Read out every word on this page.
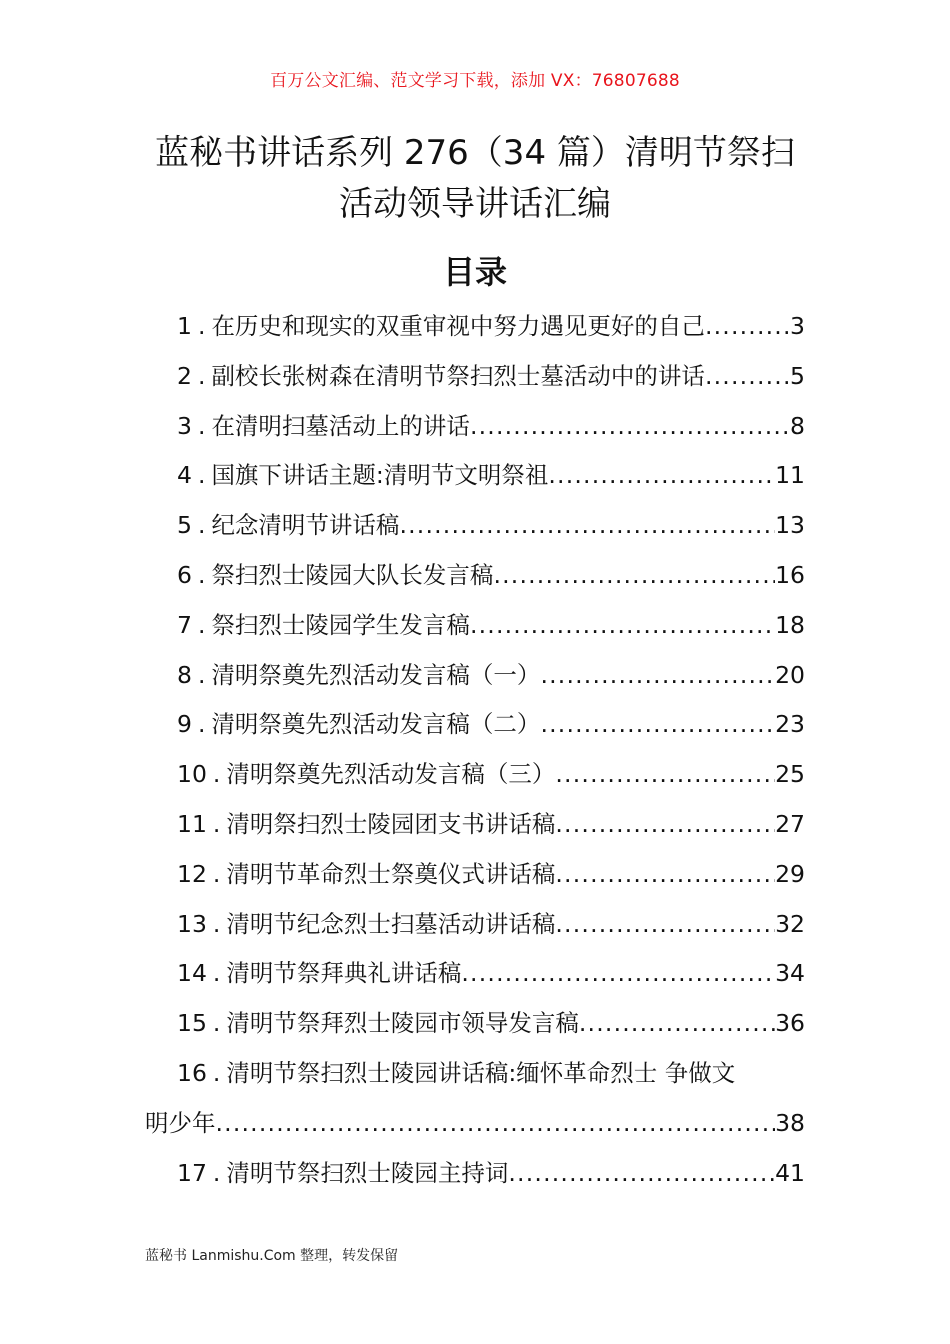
百万公文汇编、范文学习下载，添加 VX：76807688
蓝秘书讲话系列 276（34 篇）清明节祭扫
活动领导讲话汇编
目录
1 . 在历史和现实的双重审视中努力遇见更好的自己 .....	3
2 . 副校长张树森在清明节祭扫烈士墓活动中的讲话 .....	5
3 . 在清明扫墓活动上的讲话 .....	8
4 . 国旗下讲话主题:清明节文明祭祖 .....	11
5 . 纪念清明节讲话稿 .....	13
6 . 祭扫烈士陵园大队长发言稿 .....	16
7 . 祭扫烈士陵园学生发言稿 .....	18
8 . 清明祭奠先烈活动发言稿（一） .....	20
9 . 清明祭奠先烈活动发言稿（二） .....	23
10 . 清明祭奠先烈活动发言稿（三） .....	25
11 . 清明祭扫烈士陵园团支书讲话稿 .....	27
12 . 清明节革命烈士祭奠仪式讲话稿 .....	29
13 . 清明节纪念烈士扫墓活动讲话稿 .....	32
14 . 清明节祭拜典礼讲话稿 .....	34
15 . 清明节祭拜烈士陵园市领导发言稿 .....	36
16 . 清明节祭扫烈士陵园讲话稿:缅怀革命烈士 争做文
明少年 .....	38
17 . 清明节祭扫烈士陵园主持词 .....	41
蓝秘书 Lanmishu.Com 整理，转发保留
